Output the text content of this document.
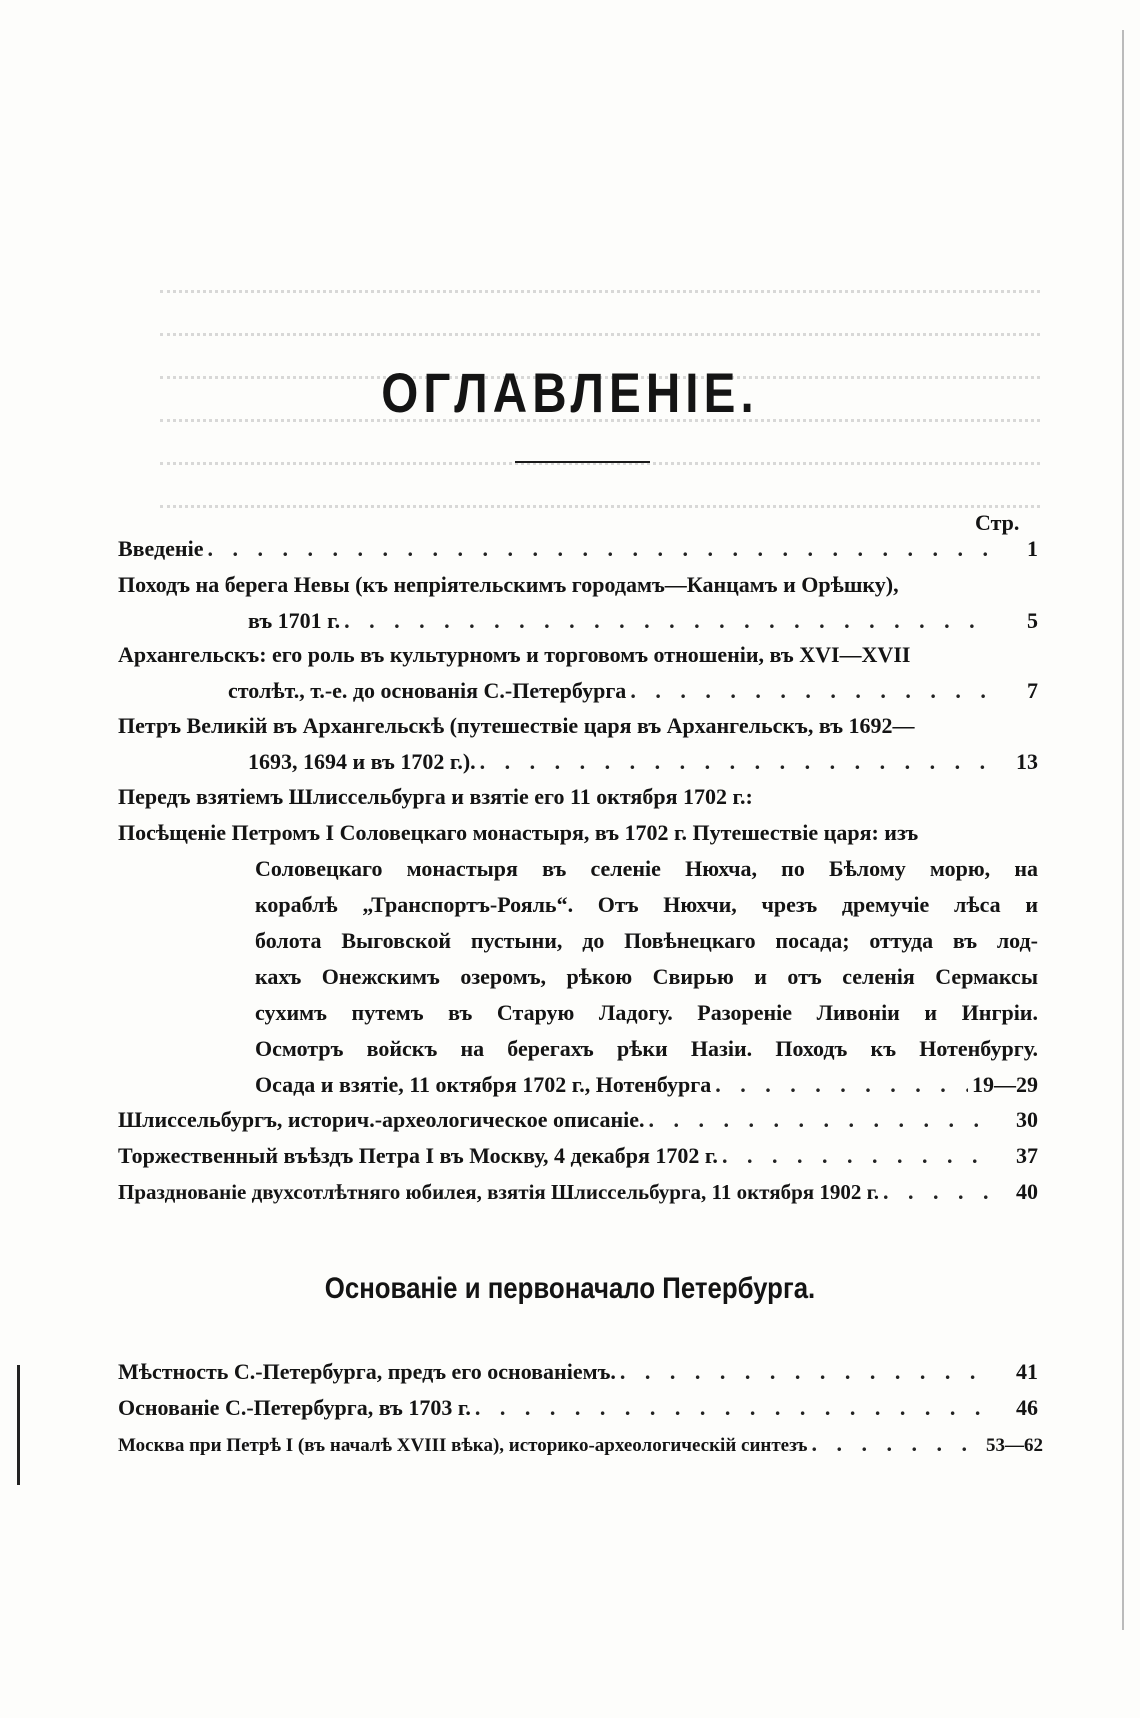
ОГЛАВЛЕНIЕ.
Стр.
Введенiе . . .	1
Походъ на берега Невы (къ непрiятельскимъ городамъ—Канцамъ и Орѣшку),
въ 1701 г. . . .	5
Архангельскъ: его роль въ культурномъ и торговомъ отношенiи, въ XVI—XVII
столѣт., т.-е. до основанiя С.-Петербурга . . .	7
Петръ Великiй въ Архангельскѣ (путешествiе царя въ Архангельскъ, въ 1692—
1693, 1694 и въ 1702 г.). . . .	13
Передъ взятiемъ Шлиссельбурга и взятiе его 11 октября 1702 г.:
Посѣщенiе Петромъ I Соловецкаго монастыря, въ 1702 г. Путешествiе царя: изъ
Соловецкаго монастыря въ селенiе Нюхча, по Бѣлому морю, на
кораблѣ „Транспортъ-Рояль“. Отъ Нюхчи, чрезъ дремучiе лѣса и
болота Выговской пустыни, до Повѣнецкаго посада; оттуда въ лод-
кахъ Онежскимъ озеромъ, рѣкою Свирью и отъ селенiя Сермаксы
сухимъ путемъ въ Старую Ладогу. Разоренiе Ливонiи и Ингрiи.
Осмотръ войскъ на берегахъ рѣки Назiи. Походъ къ Нотенбургу.
Осада и взятiе, 11 октября 1702 г., Нотенбурга . . .	19—29
Шлиссельбургъ, историч.-археологическое описанiе. . . .	30
Торжественный въѣздъ Петра I въ Москву, 4 декабря 1702 г. . . .	37
Празднованiе двухсотлѣтняго юбилея, взятiя Шлиссельбурга, 11 октября 1902 г. . . .	40
Основанiе и первоначало Петербурга.
Мѣстность С.-Петербурга, предъ его основанiемъ. . . .	41
Основанiе С.-Петербурга, въ 1703 г. . . .	46
Москва при Петрѣ I (въ началѣ XVIII вѣка), историко-археологическiй синтезъ . . .	53—62
